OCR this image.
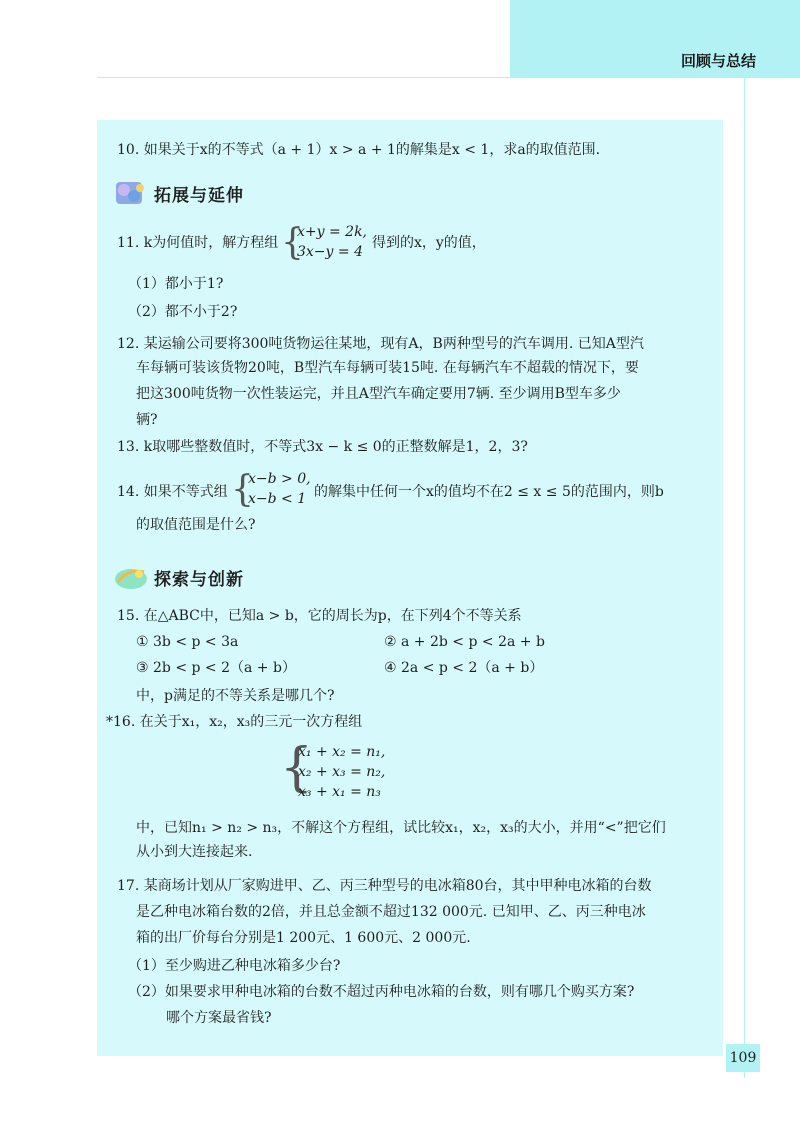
回顾与总结
10. 如果关于x的不等式（a + 1）x > a + 1的解集是x < 1，求a的取值范围.
拓展与延伸
11. k为何值时，解方程组 {
x+y = 2k,
3x−y = 4
得到的x，y的值，
（1）都小于1?
（2）都不小于2?
12. 某运输公司要将300吨货物运往某地，现有A，B两种型号的汽车调用. 已知A型汽
车每辆可装该货物20吨，B型汽车每辆可装15吨. 在每辆汽车不超载的情况下，要
把这300吨货物一次性装运完，并且A型汽车确定要用7辆. 至少调用B型车多少
辆?
13. k取哪些整数值时，不等式3x − k ≤ 0的正整数解是1，2，3?
14. 如果不等式组 {
x−b > 0,
x−b < 1 的解集中任何一个x的值均不在2 ≤ x ≤ 5的范围内，则b
的取值范围是什么?
探索与创新
15. 在△ABC中，已知a > b，它的周长为p，在下列4个不等关系
① 3b < p < 3a	② a + 2b < p < 2a + b
③ 2b < p < 2（a + b）	④ 2a < p < 2（a + b）
中，p满足的不等关系是哪几个?
*16. 在关于x₁，x₂，x₃的三元一次方程组
{
x₁ + x₂ = n₁,
x₂ + x₃ = n₂,
x₃ + x₁ = n₃
中，已知n₁ > n₂ > n₃，不解这个方程组，试比较x₁，x₂，x₃的大小，并用“<”把它们
从小到大连接起来.
17. 某商场计划从厂家购进甲、乙、丙三种型号的电冰箱80台，其中甲种电冰箱的台数
是乙种电冰箱台数的2倍，并且总金额不超过132 000元. 已知甲、乙、丙三种电冰
箱的出厂价每台分别是1 200元、1 600元、2 000元.
（1）至少购进乙种电冰箱多少台?
（2）如果要求甲种电冰箱的台数不超过丙种电冰箱的台数，则有哪几个购买方案?
哪个方案最省钱?
109
